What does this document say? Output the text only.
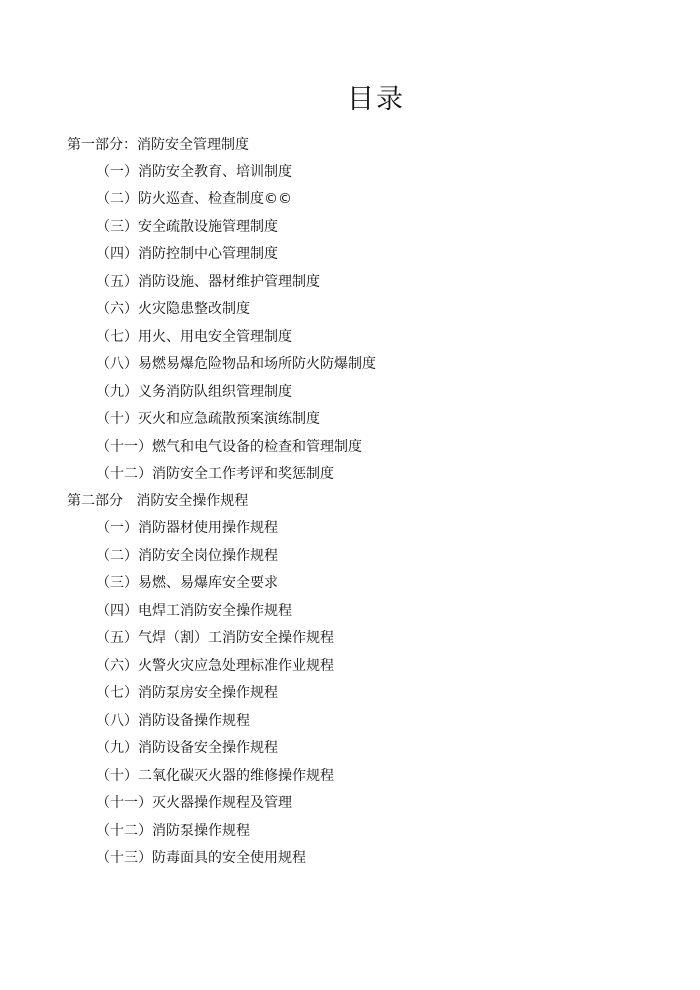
目录
第一部分：消防安全管理制度
（一）消防安全教育、培训制度
（二）防火巡查、检查制度©©
（三）安全疏散设施管理制度
（四）消防控制中心管理制度
（五）消防设施、器材维护管理制度
（六）火灾隐患整改制度
（七）用火、用电安全管理制度
（八）易燃易爆危险物品和场所防火防爆制度
（九）义务消防队组织管理制度
（十）灭火和应急疏散预案演练制度
（十一）燃气和电气设备的检查和管理制度
（十二）消防安全工作考评和奖惩制度
第二部分   消防安全操作规程
（一）消防器材使用操作规程
（二）消防安全岗位操作规程
（三）易燃、易爆库安全要求
（四）电焊工消防安全操作规程
（五）气焊（割）工消防安全操作规程
（六）火警火灾应急处理标准作业规程
（七）消防泵房安全操作规程
（八）消防设备操作规程
（九）消防设备安全操作规程
（十）二氧化碳灭火器的维修操作规程
（十一）灭火器操作规程及管理
（十二）消防泵操作规程
（十三）防毒面具的安全使用规程
